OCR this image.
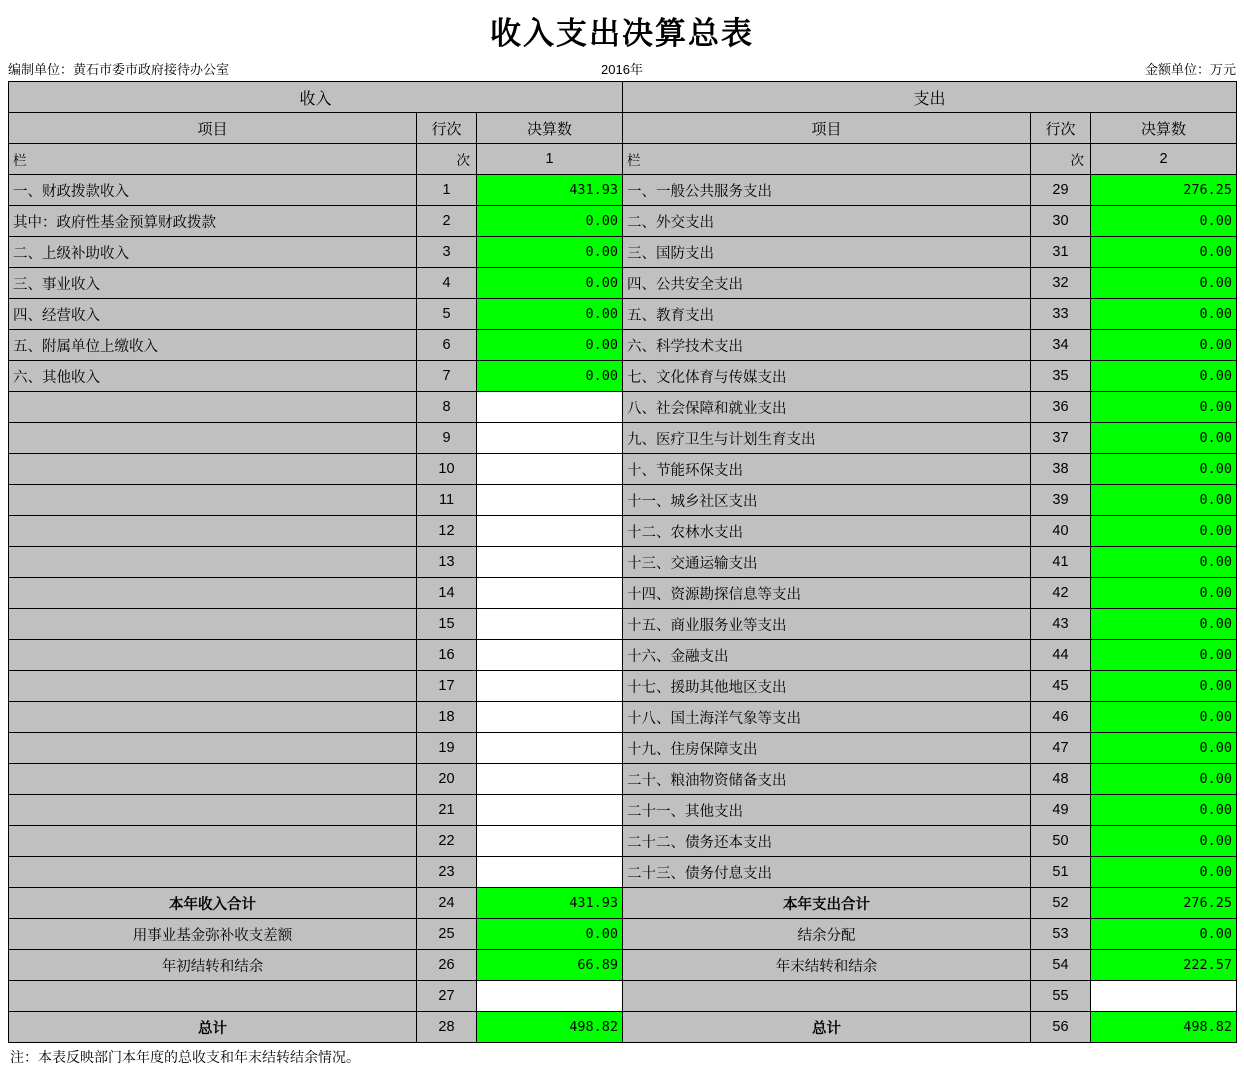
收入支出决算总表
编制单位：黄石市委市政府接待办公室	2016年	金额单位：万元
收入			支出		
项目	行次	决算数	项目	行次	决算数

栏	次	1	栏	次	2
一、财政拨款收入	1	431.93	一、一般公共服务支出	29	276.25
其中：政府性基金预算财政拨款	2	0.00	二、外交支出	30	0.00
二、上级补助收入	3	0.00	三、国防支出	31	0.00
三、事业收入	4	0.00	四、公共安全支出	32	0.00
四、经营收入	5	0.00	五、教育支出	33	0.00
五、附属单位上缴收入	6	0.00	六、科学技术支出	34	0.00
六、其他收入	7	0.00	七、文化体育与传媒支出	35	0.00
	8		八、社会保障和就业支出	36	0.00
	9		九、医疗卫生与计划生育支出	37	0.00
	10		十、节能环保支出	38	0.00
	11		十一、城乡社区支出	39	0.00
	12		十二、农林水支出	40	0.00
	13		十三、交通运输支出	41	0.00
	14		十四、资源勘探信息等支出	42	0.00
	15		十五、商业服务业等支出	43	0.00
	16		十六、金融支出	44	0.00
	17		十七、援助其他地区支出	45	0.00
	18		十八、国土海洋气象等支出	46	0.00
	19		十九、住房保障支出	47	0.00
	20		二十、粮油物资储备支出	48	0.00
	21		二十一、其他支出	49	0.00
	22		二十二、债务还本支出	50	0.00
	23		二十三、债务付息支出	51	0.00
本年收入合计	24	431.93	本年支出合计	52	276.25
用事业基金弥补收支差额	25	0.00	结余分配	53	0.00
年初结转和结余	26	66.89	年末结转和结余	54	222.57
	27			55	
总计	28	498.82	总计	56	498.82
注：本表反映部门本年度的总收支和年末结转结余情况。
